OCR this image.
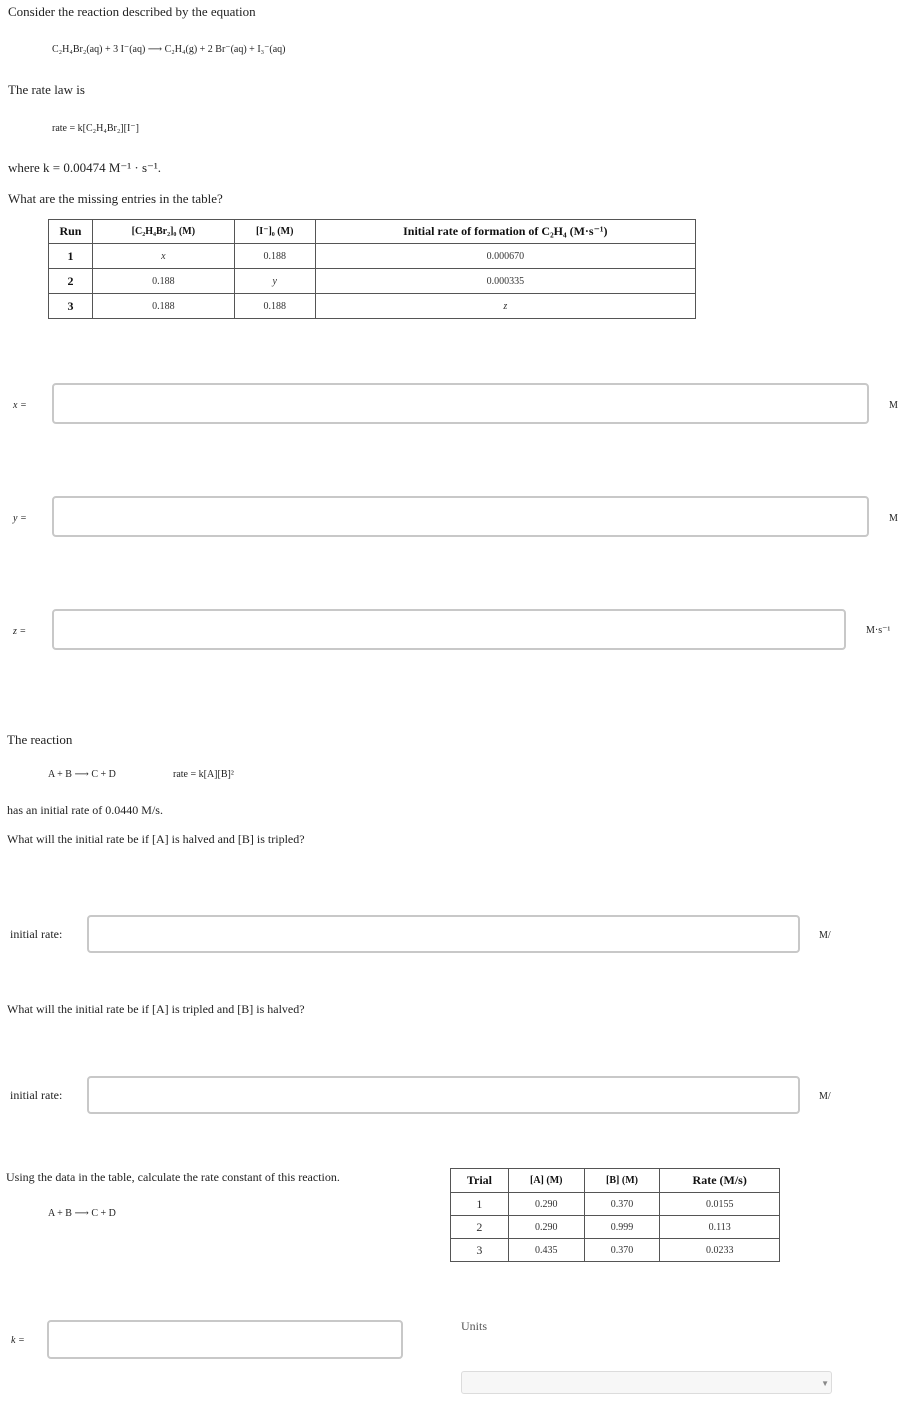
Consider the reaction described by the equation
C₂H₄Br₂(aq) + 3 I⁻(aq) ⟶ C₂H₄(g) + 2 Br⁻(aq) + I₃⁻(aq)
The rate law is
rate = k[C₂H₄Br₂][I⁻]
where k = 0.00474 M⁻¹ · s⁻¹.
What are the missing entries in the table?
Run	[C₂H₄Br₂]₀ (M)	[I⁻]₀ (M)	Initial rate of formation of C₂H₄ (M·s⁻¹)
1	x	0.188	0.000670
2	0.188	y	0.000335
3	0.188	0.188	z
x =	M
y =	M
z =	M·s⁻¹
The reaction
A + B ⟶ C + D	rate = k[A][B]²
has an initial rate of 0.0440 M/s.
What will the initial rate be if [A] is halved and [B] is tripled?
initial rate:	M/
What will the initial rate be if [A] is tripled and [B] is halved?
initial rate:	M/
Using the data in the table, calculate the rate constant of this reaction.
A + B ⟶ C + D
Trial	[A] (M)	[B] (M)	Rate (M/s)
1	0.290	0.370	0.0155
2	0.290	0.999	0.113
3	0.435	0.370	0.0233
k =
Units
▼
